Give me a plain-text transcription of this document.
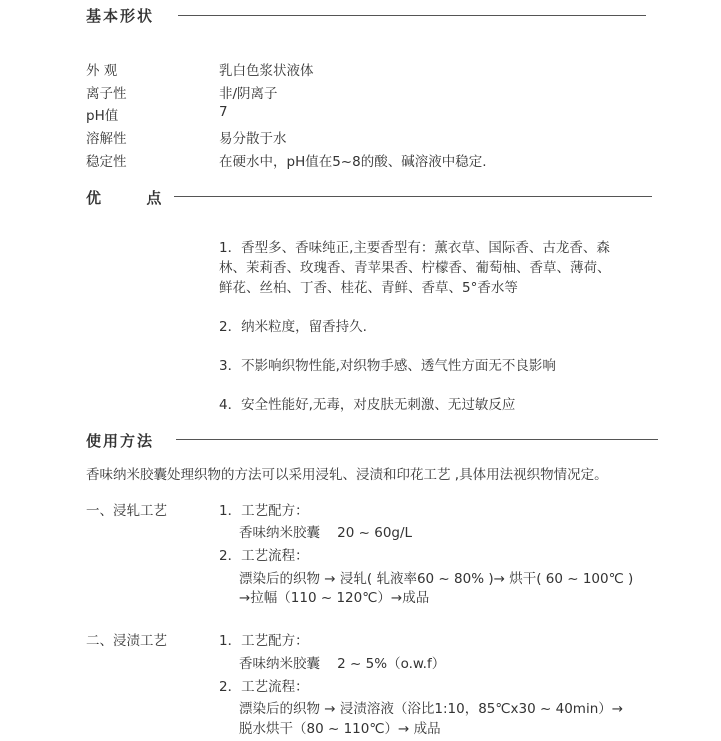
基本形状
外 观	乳白色浆状液体
离子性	非/阴离子
pH值	7
溶解性	易分散于水
稳定性	在硬水中，pH值在5~8的酸、碱溶液中稳定.
优      点
1．香型多、香味纯正,主要香型有：薰衣草、国际香、古龙香、森
林、茉莉香、玫瑰香、青苹果香、柠檬香、葡萄柚、香草、薄荷、
鲜花、丝柏、丁香、桂花、青鲜、香草、5°香水等
2．纳米粒度，留香持久.
3．不影响织物性能,对织物手感、透气性方面无不良影响
4．安全性能好,无毒，对皮肤无刺激、无过敏反应
使用方法
香味纳米胶囊处理织物的方法可以采用浸轧、浸渍和印花工艺 ,具体用法视织物情况定。
一、浸轧工艺	1．工艺配方：
香味纳米胶囊    20 ~ 60g/L
2．工艺流程：
漂染后的织物 → 浸轧( 轧液率60 ~ 80% )→ 烘干( 60 ~ 100℃ )
→拉幅（110 ~ 120℃）→成品
二、浸渍工艺	1．工艺配方：
香味纳米胶囊    2 ~ 5%（o.w.f）
2．工艺流程：
漂染后的织物 → 浸渍溶液（浴比1:10，85℃x30 ~ 40min）→
脱水烘干（80 ~ 110℃）→ 成品
